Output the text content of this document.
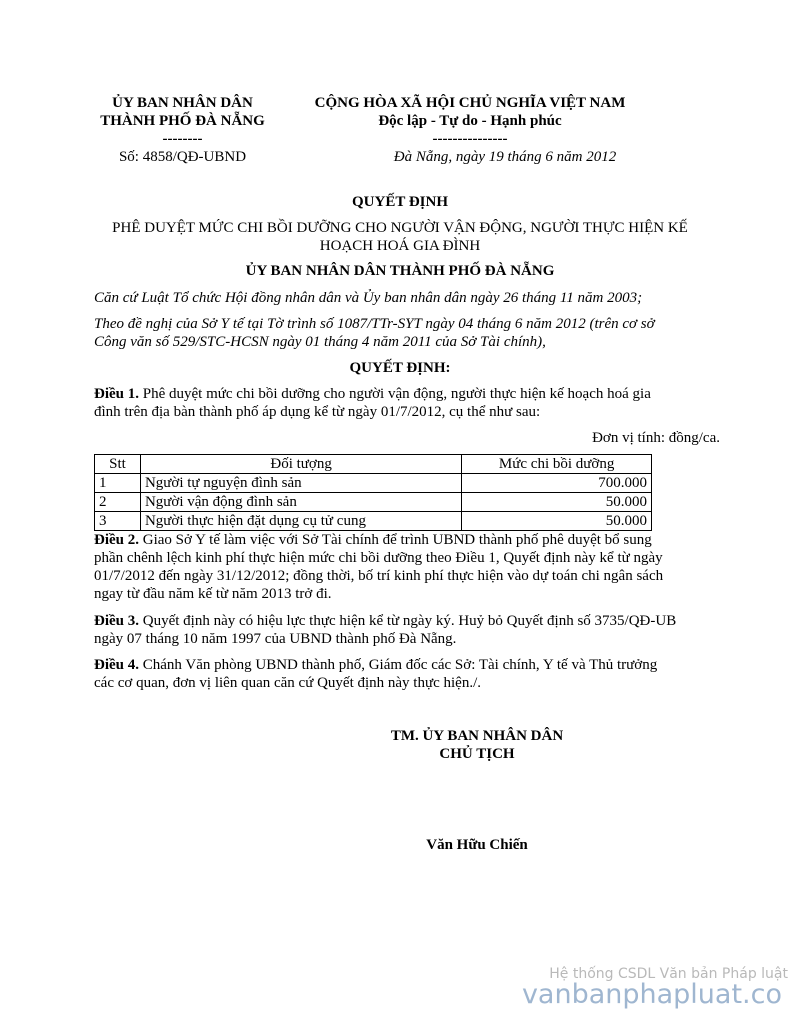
ỦY BAN NHÂN DÂN
THÀNH PHỐ ĐÀ NẴNG
--------
Số: 4858/QĐ-UBND
CỘNG HÒA XÃ HỘI CHỦ NGHĨA VIỆT NAM
Độc lập - Tự do - Hạnh phúc
---------------
Đà Nẵng, ngày 19 tháng 6 năm 2012
QUYẾT ĐỊNH
PHÊ DUYỆT MỨC CHI BỒI DƯỠNG CHO NGƯỜI VẬN ĐỘNG, NGƯỜI THỰC HIỆN KẾ
HOẠCH HOÁ GIA ĐÌNH
ỦY BAN NHÂN DÂN THÀNH PHỐ ĐÀ NẴNG
Căn cứ Luật Tổ chức Hội đồng nhân dân và Ủy ban nhân dân ngày 26 tháng 11 năm 2003;
Theo đề nghị của Sở Y tế tại Tờ trình số 1087/TTr-SYT ngày 04 tháng 6 năm 2012 (trên cơ sở
Công văn số 529/STC-HCSN ngày 01 tháng 4 năm 2011 của Sở Tài chính),
QUYẾT ĐỊNH:
Điều 1. Phê duyệt mức chi bồi dưỡng cho người vận động, người thực hiện kế hoạch hoá gia
đình trên địa bàn thành phố áp dụng kể từ ngày 01/7/2012, cụ thể như sau:
Đơn vị tính: đồng/ca.
Stt	Đối tượng	Mức chi bồi dưỡng
1	Người tự nguyện đình sản	700.000
2	Người vận động đình sản	50.000
3	Người thực hiện đặt dụng cụ tử cung	50.000
Điều 2. Giao Sở Y tế làm việc với Sở Tài chính để trình UBND thành phố phê duyệt bổ sung
phần chênh lệch kinh phí thực hiện mức chi bồi dưỡng theo Điều 1, Quyết định này kể từ ngày
01/7/2012 đến ngày 31/12/2012; đồng thời, bố trí kinh phí thực hiện vào dự toán chi ngân sách
ngay từ đầu năm kế từ năm 2013 trở đi.
Điều 3. Quyết định này có hiệu lực thực hiện kể từ ngày ký. Huỷ bỏ Quyết định số 3735/QĐ-UB
ngày 07 tháng 10 năm 1997 của UBND thành phố Đà Nẵng.
Điều 4. Chánh Văn phòng UBND thành phố, Giám đốc các Sở: Tài chính, Y tế và Thủ trưởng
các cơ quan, đơn vị liên quan căn cứ Quyết định này thực hiện./.
TM. ỦY BAN NHÂN DÂN
CHỦ TỊCH
Văn Hữu Chiến
Hệ thống CSDL Văn bản Pháp luật
vanbanphapluat.co
